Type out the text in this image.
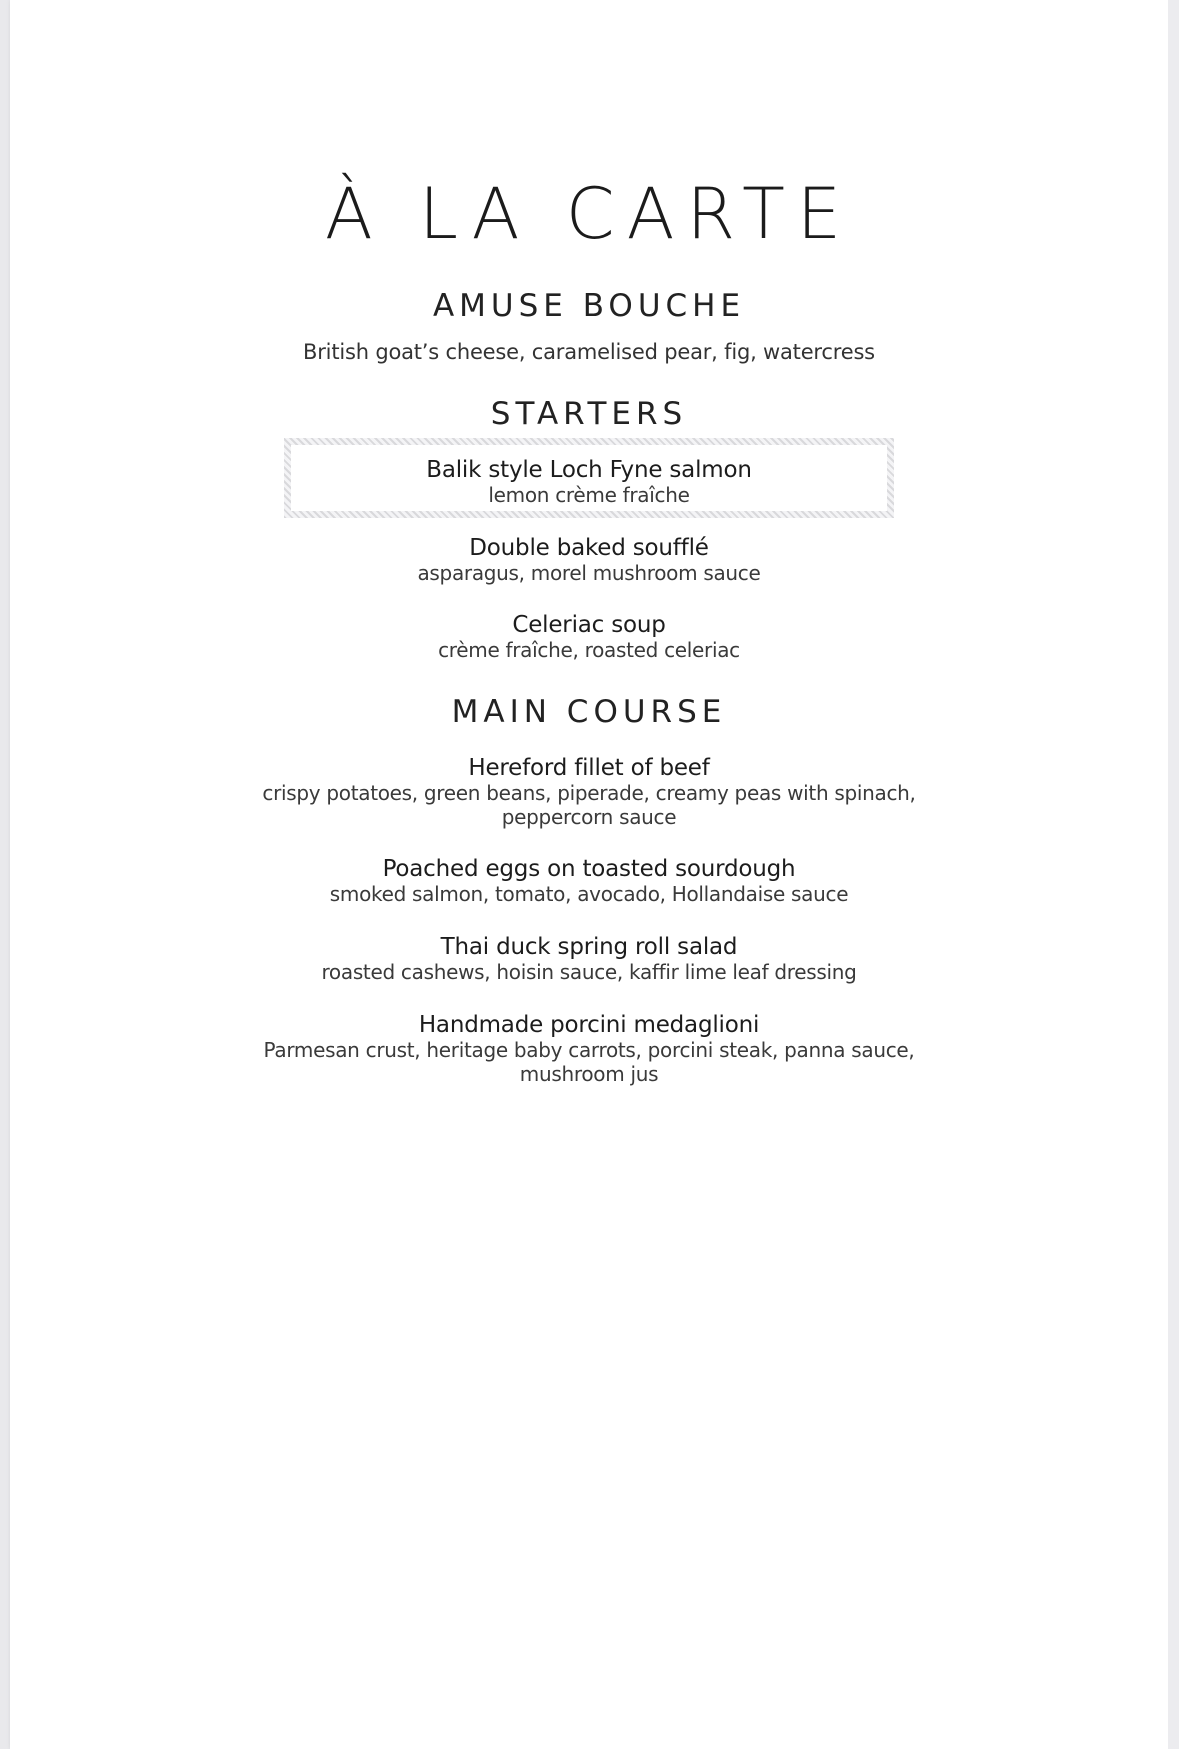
À LA CARTE
AMUSE BOUCHE
British goat’s cheese, caramelised pear, fig, watercress
STARTERS
Balik style Loch Fyne salmon
lemon crème fraîche
Double baked soufflé
asparagus, morel mushroom sauce
Celeriac soup
crème fraîche, roasted celeriac
MAIN COURSE
Hereford fillet of beef
crispy potatoes, green beans, piperade, creamy peas with spinach,
peppercorn sauce
Poached eggs on toasted sourdough
smoked salmon, tomato, avocado, Hollandaise sauce
Thai duck spring roll salad
roasted cashews, hoisin sauce, kaffir lime leaf dressing
Handmade porcini medaglioni
Parmesan crust, heritage baby carrots, porcini steak, panna sauce,
mushroom jus
